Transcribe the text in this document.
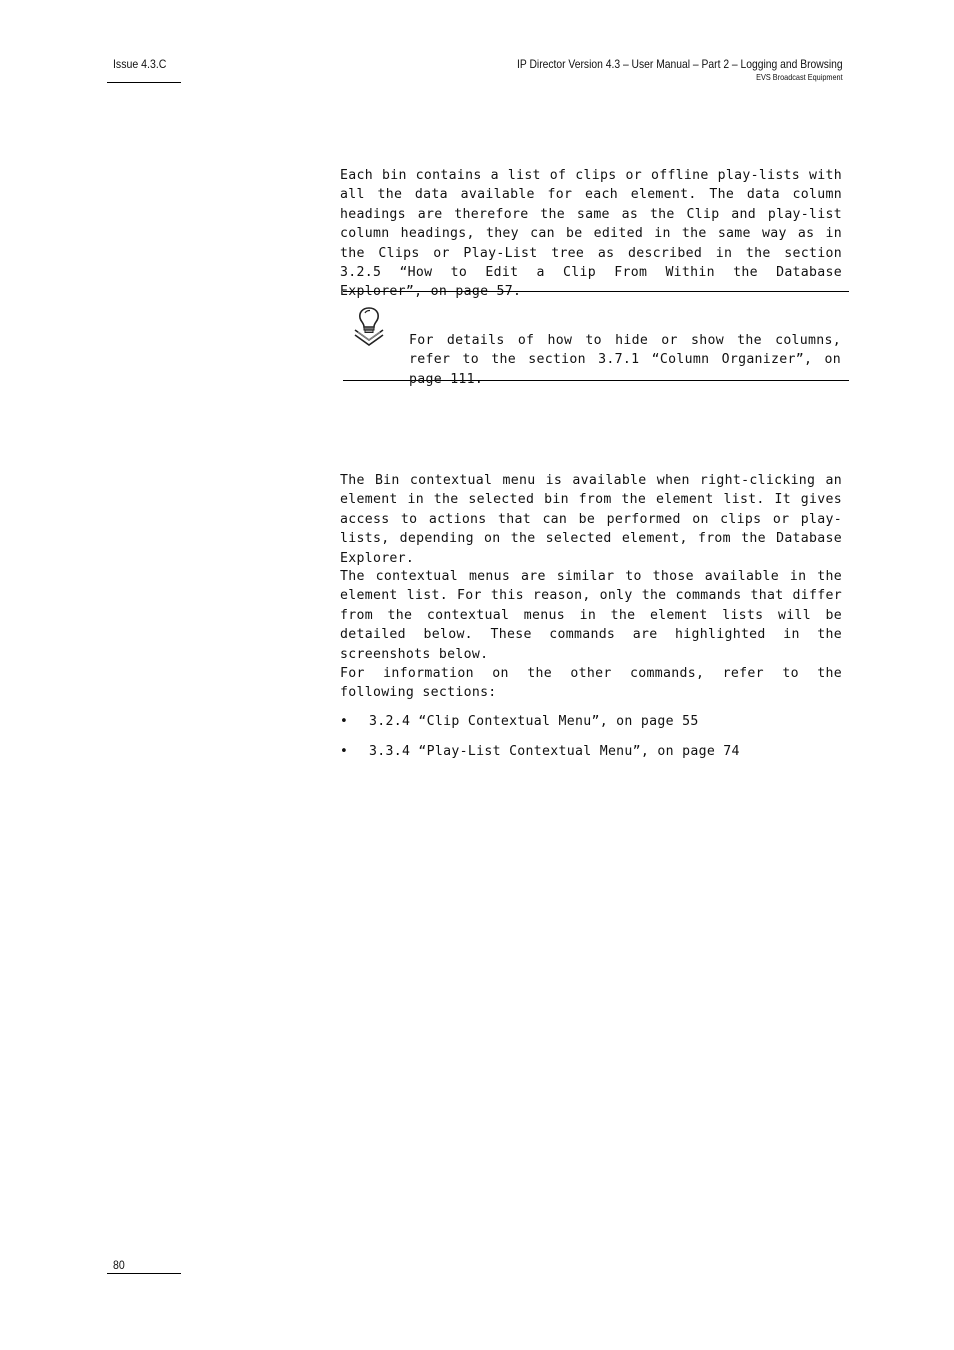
Issue 4.3.C	IP Director Version 4.3 – User Manual – Part 2 – Logging and Browsing
EVS Broadcast Equipment

Each bin contains a list of clips or offline play-lists with all the data available for each element. The data column headings are therefore the same as the Clip and play-list column headings, they can be edited in the same way as in the Clips or Play-List tree as described in the section 3.2.5 “How to Edit a Clip From Within the Database Explorer”, on page 57.

For details of how to hide or show the columns, refer to the section 3.7.1 “Column Organizer”, on page 111.

The Bin contextual menu is available when right-clicking an element in the selected bin from the element list. It gives access to actions that can be performed on clips or play-lists, depending on the selected element, from the Database Explorer.

The contextual menus are similar to those available in the element list. For this reason, only the commands that differ from the contextual menus in the element lists will be detailed below. These commands are highlighted in the screenshots below.

For information on the other commands, refer to the following sections:

• 3.2.4 “Clip Contextual Menu”, on page 55
• 3.3.4 “Play-List Contextual Menu”, on page 74
80
